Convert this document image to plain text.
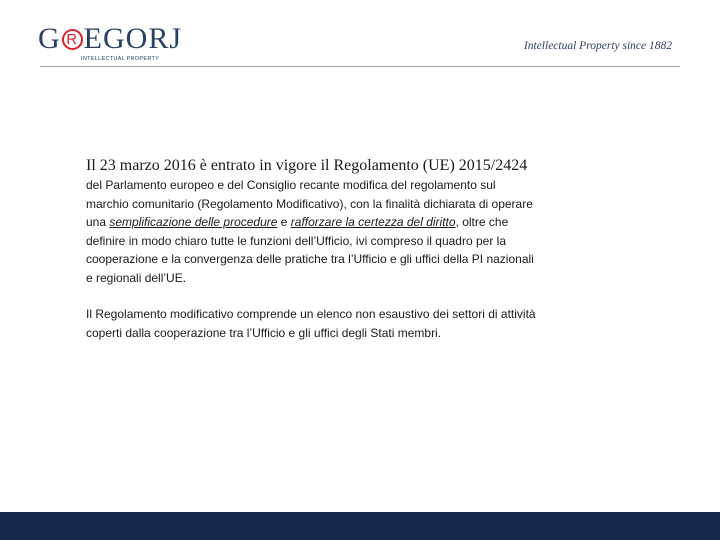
G R EGORJ
INTELLECTUAL PROPERTY
Intellectual Property since 1882

Il 23 marzo 2016 è entrato in vigore il Regolamento (UE) 2015/2424 del Parlamento europeo e del Consiglio recante modifica del regolamento sul marchio comunitario (Regolamento Modificativo), con la finalità dichiarata di operare una semplificazione delle procedure e rafforzare la certezza del diritto, oltre che definire in modo chiaro tutte le funzioni dell’Ufficio, ivi compreso il quadro per la cooperazione e la convergenza delle pratiche tra l’Ufficio e gli uffici della PI nazionali e regionali dell’UE.

Il Regolamento modificativo comprende un elenco non esaustivo dei settori di attività coperti dalla cooperazione tra l’Ufficio e gli uffici degli Stati membri.
